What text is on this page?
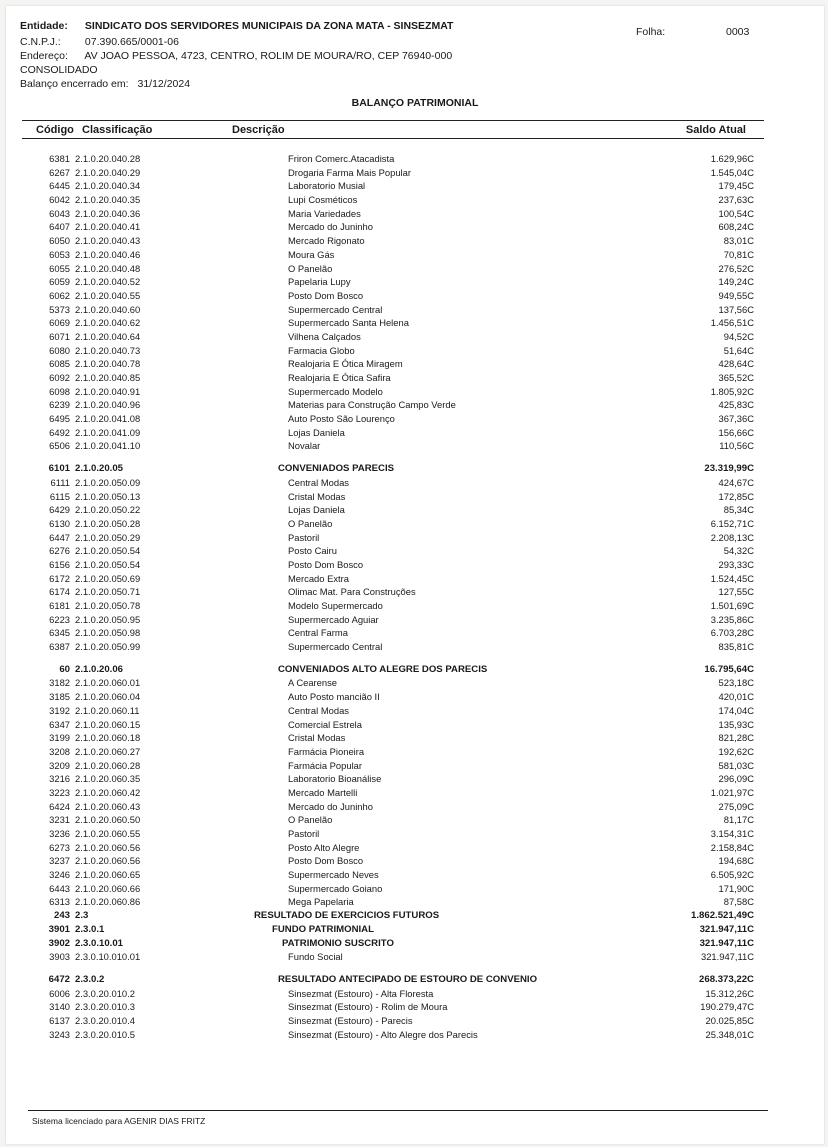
Entidade: SINDICATO DOS SERVIDORES MUNICIPAIS DA ZONA MATA - SINSEZMAT	Folha:	0003
C.N.P.J.: 07.390.665/0001-06
Endereço: AV JOAO PESSOA, 4723, CENTRO, ROLIM DE MOURA/RO, CEP 76940-000
CONSOLIDADO
Balanço encerrado em: 31/12/2024
BALANÇO PATRIMONIAL
Código Classificação	Descrição	Saldo Atual
6381 2.1.0.20.040.28	Friron Comerc.Atacadista	1.629,96C
6267 2.1.0.20.040.29	Drogaria Farma Mais Popular	1.545,04C
6445 2.1.0.20.040.34	Laboratorio Musial	179,45C
6042 2.1.0.20.040.35	Lupi Cosméticos	237,63C
6043 2.1.0.20.040.36	Maria Variedades	100,54C
6407 2.1.0.20.040.41	Mercado do Juninho	608,24C
6050 2.1.0.20.040.43	Mercado Rigonato	83,01C
6053 2.1.0.20.040.46	Moura Gás	70,81C
6055 2.1.0.20.040.48	O Panelão	276,52C
6059 2.1.0.20.040.52	Papelaria Lupy	149,24C
6062 2.1.0.20.040.55	Posto Dom Bosco	949,55C
5373 2.1.0.20.040.60	Supermercado Central	137,56C
6069 2.1.0.20.040.62	Supermercado Santa Helena	1.456,51C
6071 2.1.0.20.040.64	Vilhena Calçados	94,52C
6080 2.1.0.20.040.73	Farmacia Globo	51,64C
6085 2.1.0.20.040.78	Realojaria E Ótica Miragem	428,64C
6092 2.1.0.20.040.85	Realojaria E Ótica Safira	365,52C
6098 2.1.0.20.040.91	Supermercado Modelo	1.805,92C
6239 2.1.0.20.040.96	Materias para Construção Campo Verde	425,83C
6495 2.1.0.20.041.08	Auto Posto São Lourenço	367,36C
6492 2.1.0.20.041.09	Lojas Daniela	156,66C
6506 2.1.0.20.041.10	Novalar	110,56C
6101 2.1.0.20.05	CONVENIADOS PARECIS	23.319,99C
6111 2.1.0.20.050.09	Central Modas	424,67C
6115 2.1.0.20.050.13	Cristal Modas	172,85C
6429 2.1.0.20.050.22	Lojas Daniela	85,34C
6130 2.1.0.20.050.28	O Panelão	6.152,71C
6447 2.1.0.20.050.29	Pastoril	2.208,13C
6276 2.1.0.20.050.54	Posto Cairu	54,32C
6156 2.1.0.20.050.54	Posto Dom Bosco	293,33C
6172 2.1.0.20.050.69	Mercado Extra	1.524,45C
6174 2.1.0.20.050.71	Olimac Mat. Para Construções	127,55C
6181 2.1.0.20.050.78	Modelo Supermercado	1.501,69C
6223 2.1.0.20.050.95	Supermercado Aguiar	3.235,86C
6345 2.1.0.20.050.98	Central Farma	6.703,28C
6387 2.1.0.20.050.99	Supermercado Central	835,81C
60 2.1.0.20.06	CONVENIADOS ALTO ALEGRE DOS PARECIS	16.795,64C
3182 2.1.0.20.060.01	A Cearense	523,18C
3185 2.1.0.20.060.04	Auto Posto mancião II	420,01C
3192 2.1.0.20.060.11	Central Modas	174,04C
6347 2.1.0.20.060.15	Comercial Estrela	135,93C
3199 2.1.0.20.060.18	Cristal Modas	821,28C
3208 2.1.0.20.060.27	Farmácia Pioneira	192,62C
3209 2.1.0.20.060.28	Farmácia Popular	581,03C
3216 2.1.0.20.060.35	Laboratorio Bioanálise	296,09C
3223 2.1.0.20.060.42	Mercado Martelli	1.021,97C
6424 2.1.0.20.060.43	Mercado do Juninho	275,09C
3231 2.1.0.20.060.50	O Panelão	81,17C
3236 2.1.0.20.060.55	Pastoril	3.154,31C
6273 2.1.0.20.060.56	Posto Alto Alegre	2.158,84C
3237 2.1.0.20.060.56	Posto Dom Bosco	194,68C
3246 2.1.0.20.060.65	Supermercado Neves	6.505,92C
6443 2.1.0.20.060.66	Supermercado Goiano	171,90C
6313 2.1.0.20.060.86	Mega Papelaria	87,58C
243 2.3	RESULTADO DE EXERCICIOS FUTUROS	1.862.521,49C
3901 2.3.0.1	FUNDO PATRIMONIAL	321.947,11C
3902 2.3.0.10.01	PATRIMONIO SUSCRITO	321.947,11C
3903 2.3.0.10.010.01	Fundo Social	321.947,11C
6472 2.3.0.2	RESULTADO ANTECIPADO DE ESTOURO DE CONVENIO	268.373,22C
6006 2.3.0.20.010.2	Sinsezmat (Estouro) - Alta Floresta	15.312,26C
3140 2.3.0.20.010.3	Sinsezmat (Estouro) - Rolim de Moura	190.279,47C
6137 2.3.0.20.010.4	Sinsezmat (Estouro) - Parecis	20.025,85C
3243 2.3.0.20.010.5	Sinsezmat (Estouro) - Alto Alegre dos Parecis	25.348,01C
Sistema licenciado para AGENIR DIAS FRITZ
